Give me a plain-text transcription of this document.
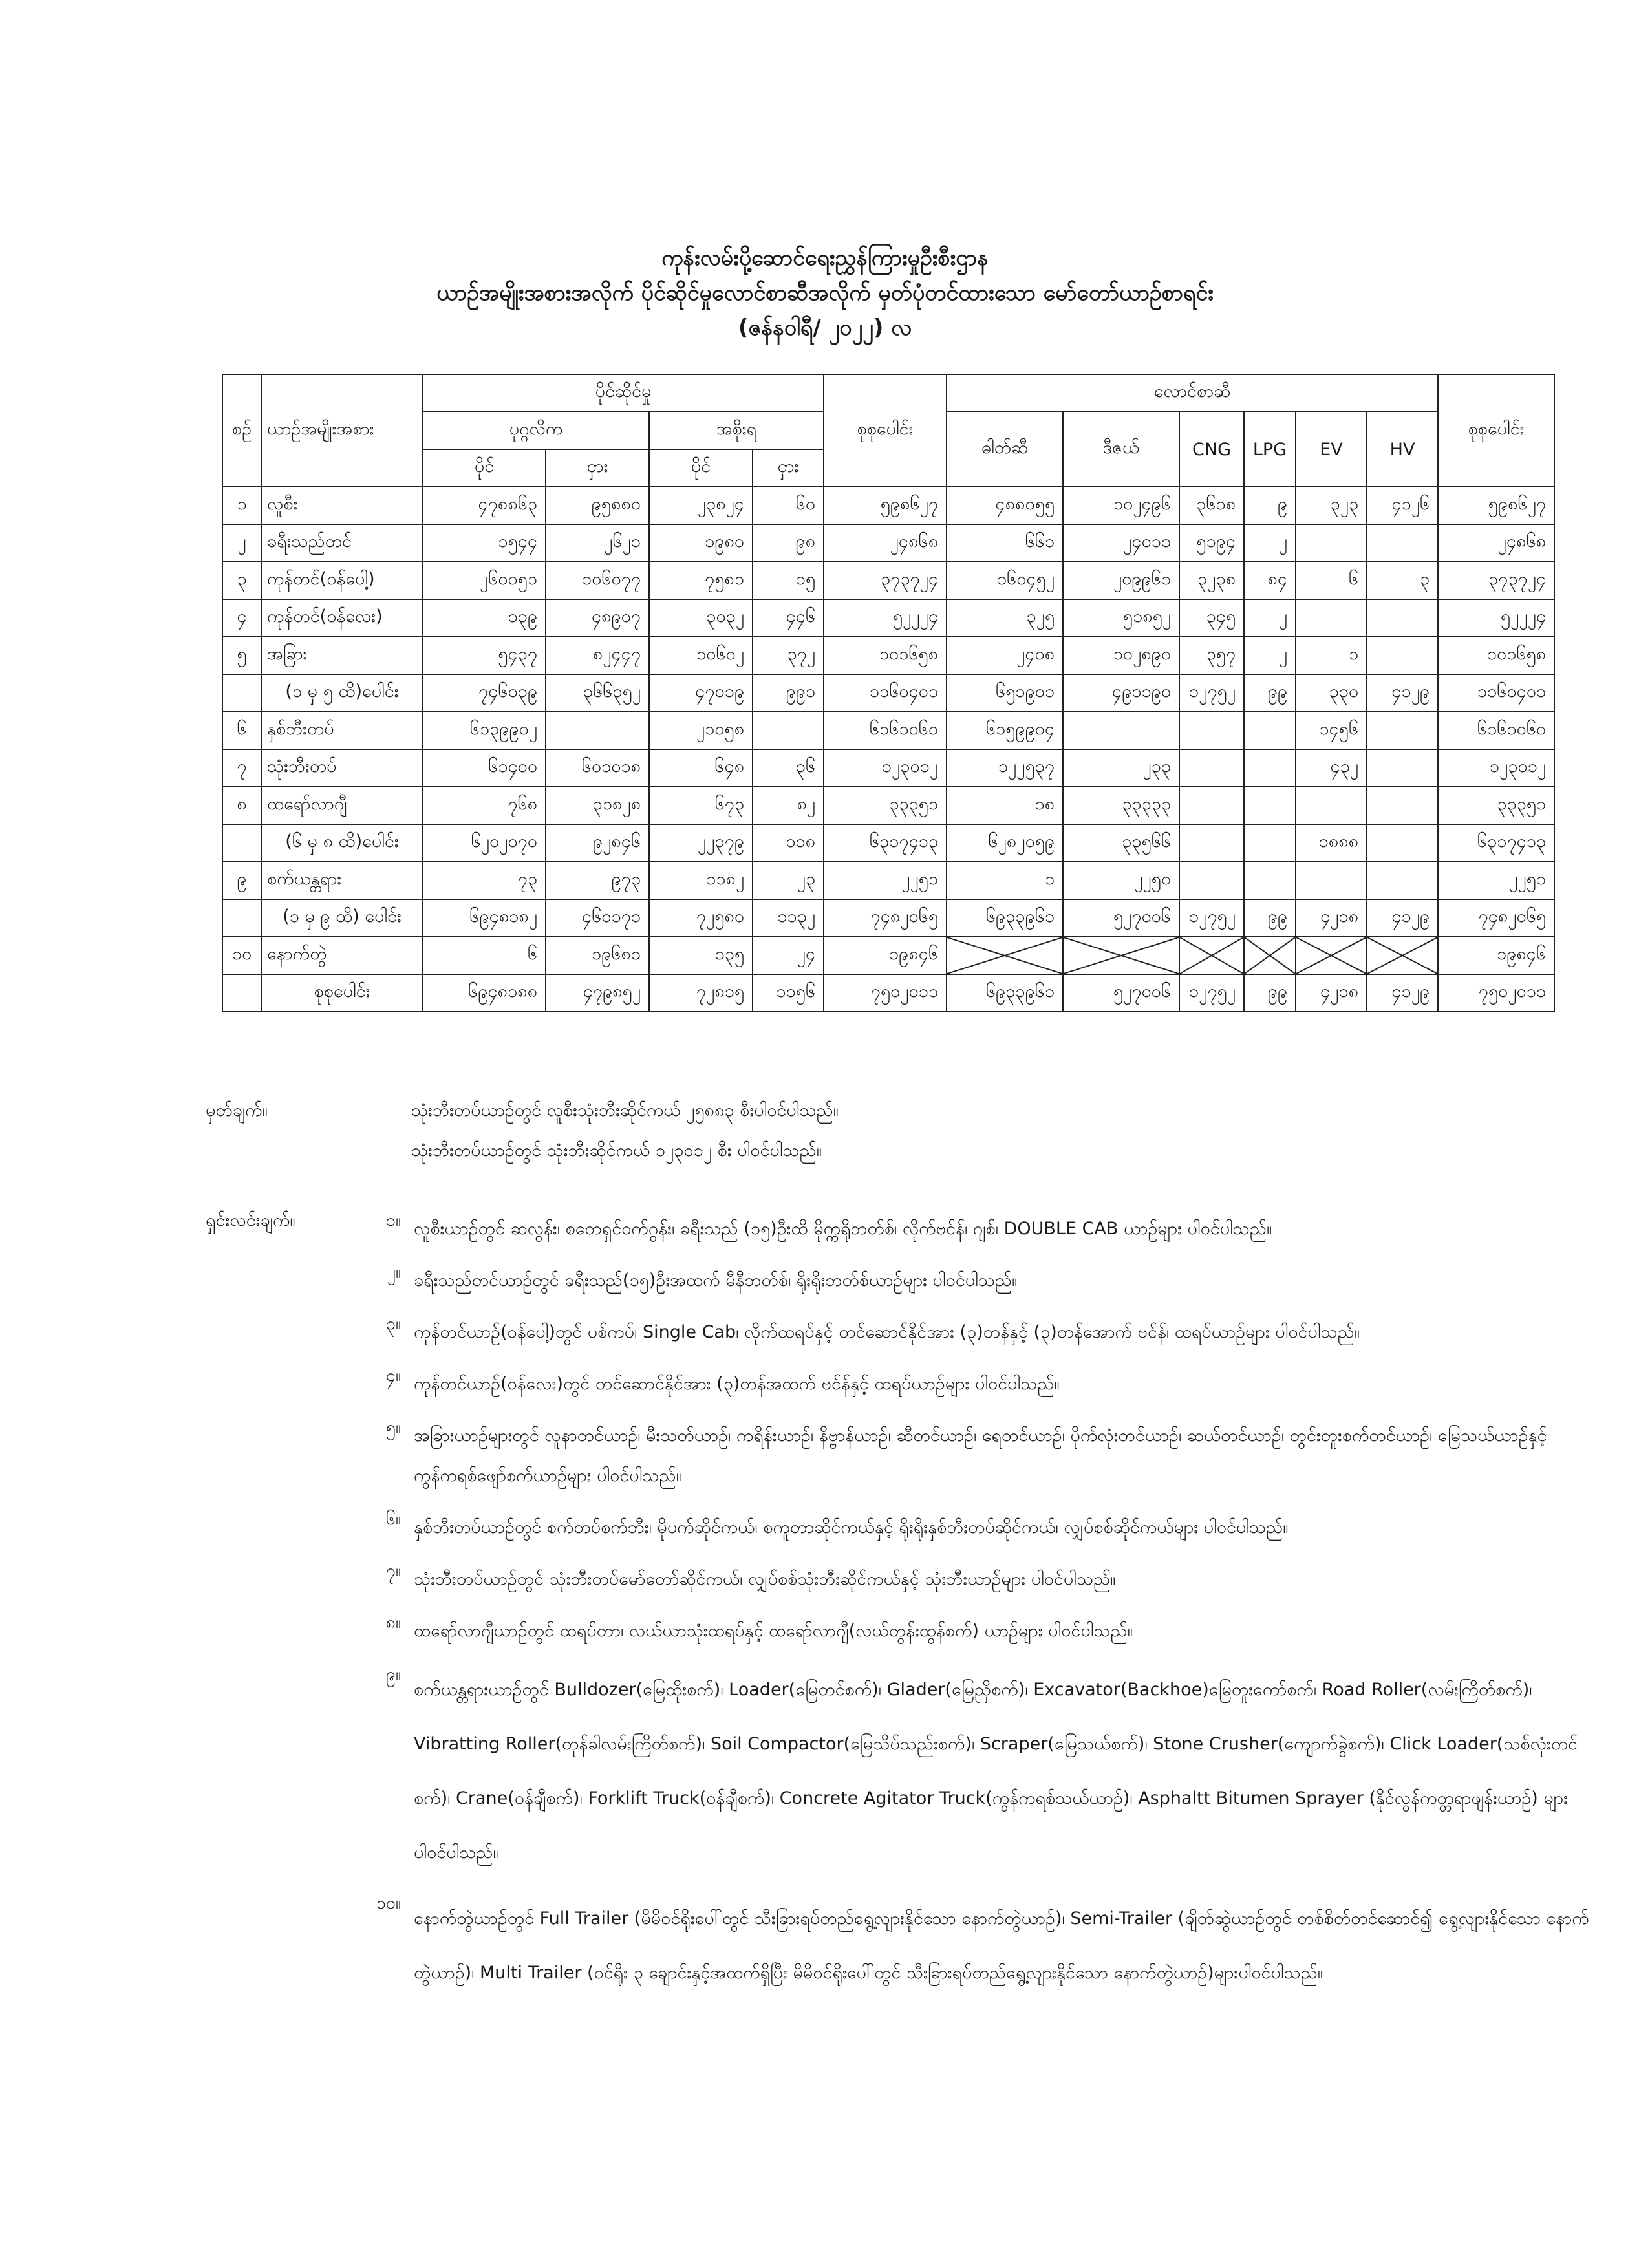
ကုန်းလမ်းပို့ဆောင်ရေးညွှန်ကြားမှုဦးစီးဌာန
ယာဉ်အမျိုးအစားအလိုက် ပိုင်ဆိုင်မှုလောင်စာဆီအလိုက် မှတ်ပုံတင်ထားသော မော်တော်ယာဉ်စာရင်း
(ဇန်နဝါရီ/ ၂၀၂၂) လ
စဉ်	ယာဉ်အမျိုးအစား	ပိုင်ဆိုင်မှု				စုစုပေါင်း	လောင်စာဆီ						စုစုပေါင်း
		ပုဂ္ဂလိက		အစိုးရ			ဓါတ်ဆီ	ဒီဇယ်	CNG	LPG	EV	HV	
		ပိုင်	ငှား	ပိုင်	ငှား								
၁	လူစီး	၄၇၈၈၆၃	၉၅၈၈၀	၂၃၈၂၄	၆၀	၅၉၈၆၂၇	၄၈၈၀၅၅	၁၀၂၄၉၆	၃၆၁၈	၉	၃၂၃	၄၁၂၆	၅၉၈၆၂၇
၂	ခရီးသည်တင်	၁၅၄၄	၂၆၂၁	၁၉၈၀	၉၈	၂၄၈၆၈	၆၆၁	၂၄၀၁၁	၅၁၉၄	၂			၂၄၈၆၈
၃	ကုန်တင်(ဝန်ပေါ့)	၂၆၀၀၅၁	၁၀၆၀၇၇	၇၅၈၁	၁၅	၃၇၃၇၂၄	၁၆၀၄၅၂	၂၀၉၉၆၁	၃၂၃၈	၈၄	၆	၃	၃၇၃၇၂၄
၄	ကုန်တင်(ဝန်လေး)	၁၃၉	၄၈၉၀၇	၃၀၃၂	၄၄၆	၅၂၂၂၄	၃၂၅	၅၁၈၅၂	၃၄၅	၂			၅၂၂၂၄
၅	အခြား	၅၄၃၇	၈၂၄၄၇	၁၀၆၀၂	၃၇၂	၁၀၁၆၅၈	၂၄၀၈	၁၀၂၈၉၀	၃၅၇	၂	၁		၁၀၁၆၅၈
	(၁ မှ ၅ ထိ)ပေါင်း	၇၄၆၀၃၉	၃၆၆၃၅၂	၄၇၀၁၉	၉၉၁	၁၁၆၀၄၀၁	၆၅၁၉၀၁	၄၉၁၁၉၀	၁၂၇၅၂	၉၉	၃၃၀	၄၁၂၉	၁၁၆၀၄၀၁
၆	နှစ်ဘီးတပ်	၆၁၃၉၉၀၂		၂၁၀၅၈		၆၁၆၁၀၆၀	၆၁၅၉၉၀၄				၁၄၅၆		၆၁၆၁၀၆၀
၇	သုံးဘီးတပ်	၆၁၄၀၀	၆၀၁၀၁၈	၆၄၈	၃၆	၁၂၃၀၁၂	၁၂၂၅၃၇	၂၃၃			၄၃၂		၁၂၃၀၁၂
၈	ထရော်လာဂျီ	၇၆၈	၃၁၈၂၈	၆၇၃	၈၂	၃၃၃၅၁	၁၈	၃၃၃၃၃					၃၃၃၅၁
	(၆ မှ ၈ ထိ)ပေါင်း	၆၂၀၂၀၇၀	၉၂၈၄၆	၂၂၃၇၉	၁၁၈	၆၃၁၇၄၁၃	၆၂၈၂၀၅၉	၃၃၅၆၆			၁၈၈၈		၆၃၁၇၄၁၃
၉	စက်ယန္တရား	၇၃	၉၇၃	၁၁၈၂	၂၃	၂၂၅၁	၁	၂၂၅၀					၂၂၅၁
	(၁ မှ ၉ ထိ) ပေါင်း	၆၉၄၈၁၈၂	၄၆၀၁၇၁	၇၂၅၈၀	၁၁၃၂	၇၄၈၂၀၆၅	၆၉၃၃၉၆၁	၅၂၇၀၀၆	၁၂၇၅၂	၉၉	၄၂၁၈	၄၁၂၉	၇၄၈၂၀၆၅
၁၀	နောက်တွဲ	၆	၁၉၆၈၁	၁၃၅	၂၄	၁၉၈၄၆							၁၉၈၄၆
	စုစုပေါင်း	၆၉၄၈၁၈၈	၄၇၉၈၅၂	၇၂၈၁၅	၁၁၅၆	၇၅၀၂၀၁၁	၆၉၃၃၉၆၁	၅၂၇၀၀၆	၁၂၇၅၂	၉၉	၄၂၁၈	၄၁၂၉	၇၅၀၂၀၁၁
မှတ်ချက်။	သုံးဘီးတပ်ယာဉ်တွင် လူစီးသုံးဘီးဆိုင်ကယ် ၂၅၈၈၃ စီးပါဝင်ပါသည်။
သုံးဘီးတပ်ယာဉ်တွင် သုံးဘီးဆိုင်ကယ် ၁၂၃၀၁၂ စီး ပါဝင်ပါသည်။
ရှင်းလင်းချက်။	၁။ လူစီးယာဉ်တွင် ဆလွန်း၊ စတေရှင်ဝက်ဂွန်း၊ ခရီးသည် (၁၅)ဦးထိ မိုက္ကရိုဘတ်စ်၊ လိုက်ဗင်န်၊ ဂျစ်၊ DOUBLE CAB ယာဉ်များ ပါဝင်ပါသည်။
၂။ ခရီးသည်တင်ယာဉ်တွင် ခရီးသည်(၁၅)ဦးအထက် မီနီဘတ်စ်၊ ရိုးရိုးဘတ်စ်ယာဉ်များ ပါဝင်ပါသည်။
၃။ ကုန်တင်ယာဉ်(ဝန်ပေါ့)တွင် ပစ်ကပ်၊ Single Cab၊ လိုက်ထရပ်နှင့် တင်ဆောင်နိုင်အား (၃)တန်နှင့် (၃)တန်အောက် ဗင်န်၊ ထရပ်ယာဉ်များ ပါဝင်ပါသည်။
၄။ ကုန်တင်ယာဉ်(ဝန်လေး)တွင် တင်ဆောင်နိုင်အား (၃)တန်အထက် ဗင်န်နှင့် ထရပ်ယာဉ်များ ပါဝင်ပါသည်။
၅။ အခြားယာဉ်များတွင် လူနာတင်ယာဉ်၊ မီးသတ်ယာဉ်၊ ကရိန်းယာဉ်၊ နိဗ္ဗာန်ယာဉ်၊ ဆီတင်ယာဉ်၊ ရေတင်ယာဉ်၊ ပိုက်လုံးတင်ယာဉ်၊ ဆယ်တင်ယာဉ်၊ တွင်းတူးစက်တင်ယာဉ်၊ မြေသယ်ယာဉ်နှင့် ကွန်ကရစ်ဖျော်စက်ယာဉ်များ ပါဝင်ပါသည်။
၆။ နှစ်ဘီးတပ်ယာဉ်တွင် စက်တပ်စက်ဘီး၊ မိုပက်ဆိုင်ကယ်၊ စကူတာဆိုင်ကယ်နှင့် ရိုးရိုးနှစ်ဘီးတပ်ဆိုင်ကယ်၊ လျှပ်စစ်ဆိုင်ကယ်များ ပါဝင်ပါသည်။
၇။ သုံးဘီးတပ်ယာဉ်တွင် သုံးဘီးတပ်မော်တော်ဆိုင်ကယ်၊ လျှပ်စစ်သုံးဘီးဆိုင်ကယ်နှင့် သုံးဘီးယာဉ်များ ပါဝင်ပါသည်။
၈။ ထရော်လာဂျီယာဉ်တွင် ထရပ်တာ၊ လယ်ယာသုံးထရပ်နှင့် ထရော်လာဂျီ(လယ်တွန်းထွန်စက်) ယာဉ်များ ပါဝင်ပါသည်။
၉။
စက်ယန္တရားယာဉ်တွင် Bulldozer(မြေထိုးစက်)၊ Loader(မြေတင်စက်)၊ Glader(မြေညှိစက်)၊ Excavator(Backhoe)မြေတူးကော်စက်၊ Road Roller(လမ်းကြိတ်စက်)၊ Vibratting Roller(တုန်ခါလမ်းကြိတ်စက်)၊ Soil Compactor(မြေသိပ်သည်းစက်)၊ Scraper(မြေသယ်စက်)၊ Stone Crusher(ကျောက်ခွဲစက်)၊ Click Loader(သစ်လုံးတင်စက်)၊ Crane(ဝန်ချီစက်)၊ Forklift Truck(ဝန်ချီစက်)၊ Concrete Agitator Truck(ကွန်ကရစ်သယ်ယာဉ်)၊ Asphaltt Bitumen Sprayer (နိုင်လွန်ကတ္တရာဖျန်းယာဉ်) များ ပါဝင်ပါသည်။
၁၀။
နောက်တွဲယာဉ်တွင် Full Trailer (မိမိဝင်ရိုးပေါ်တွင် သီးခြားရပ်တည်ရွေ့လျားနိုင်သော နောက်တွဲယာဉ်)၊ Semi-Trailer (ချိတ်ဆွဲယာဉ်တွင် တစ်စိတ်တင်ဆောင်၍ ရွေ့လျားနိုင်သော နောက်တွဲယာဉ်)၊ Multi Trailer (ဝင်ရိုး ၃ ချောင်းနှင့်အထက်ရှိပြီး မိမိဝင်ရိုးပေါ်တွင် သီးခြားရပ်တည်ရွေ့လျားနိုင်သော နောက်တွဲယာဉ်)များပါဝင်ပါသည်။
